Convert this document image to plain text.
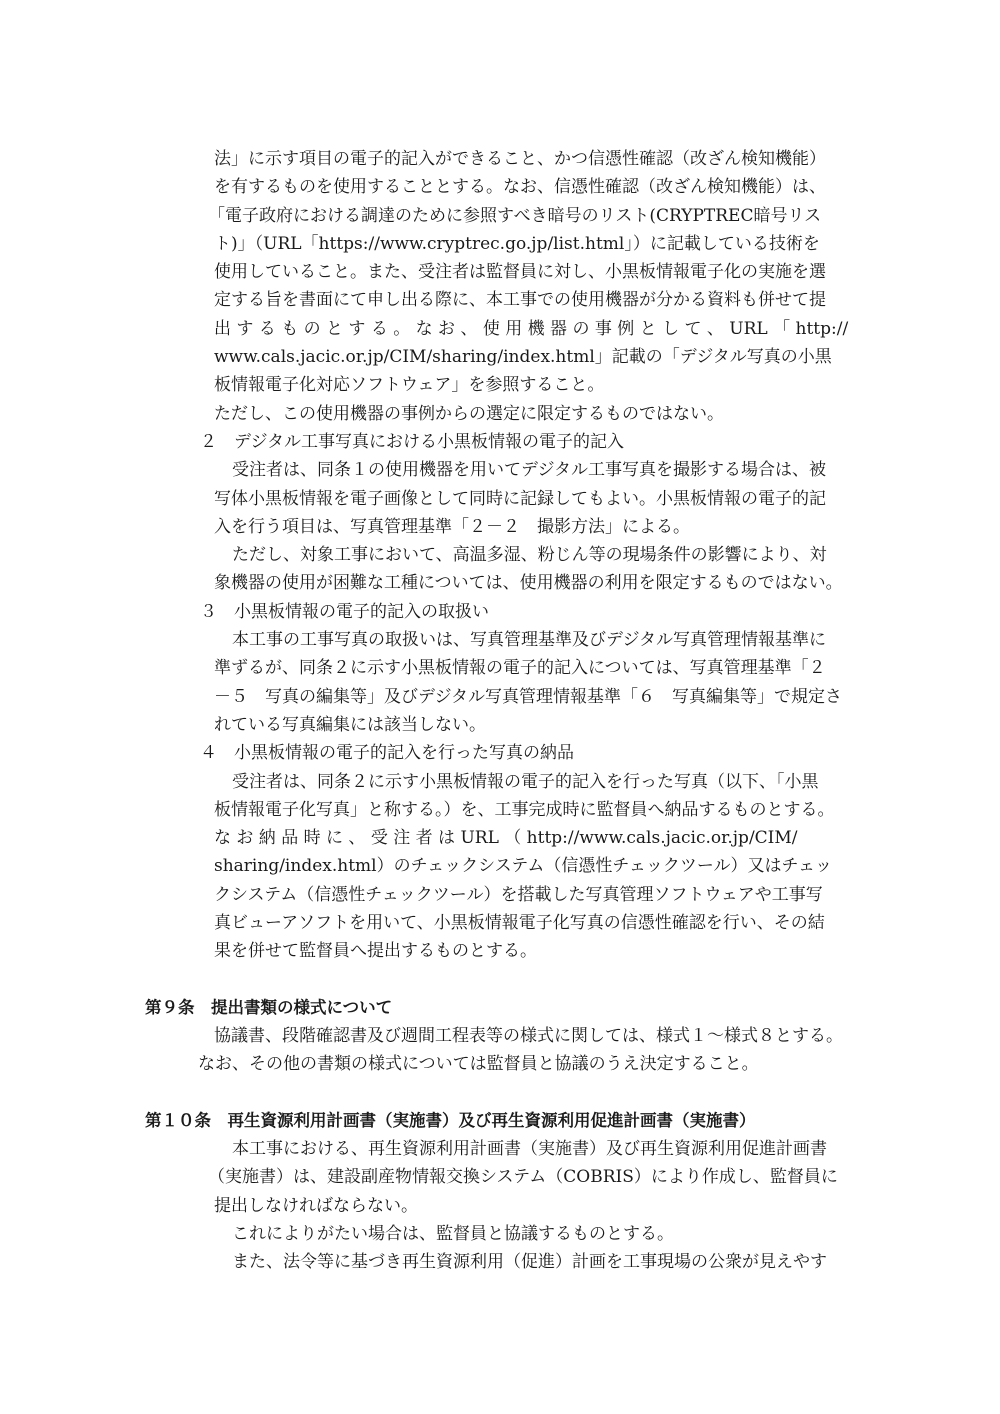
法」に示す項目の電子的記入ができること、かつ信憑性確認（改ざん検知機能）
を有するものを使用することとする。なお、信憑性確認（改ざん検知機能）は、
「電子政府における調達のために参照すべき暗号のリスト(CRYPTREC暗号リス
ト)」（URL「https://www.cryptrec.go.jp/list.html」）に記載している技術を
使用していること。また、受注者は監督員に対し、小黒板情報電子化の実施を選
定する旨を書面にて申し出る際に、本工事での使用機器が分かる資料も併せて提
出 す る も の と す る 。 な お 、 使 用 機 器 の 事 例 と し て 、 URL 「 http://
www.cals.jacic.or.jp/CIM/sharing/index.html」記載の「デジタル写真の小黒
板情報電子化対応ソフトウェア」を参照すること。
ただし、この使用機器の事例からの選定に限定するものではない。
２　デジタル工事写真における小黒板情報の電子的記入
受注者は、同条１の使用機器を用いてデジタル工事写真を撮影する場合は、被
写体小黒板情報を電子画像として同時に記録してもよい。小黒板情報の電子的記
入を行う項目は、写真管理基準「２－２　撮影方法」による。
ただし、対象工事において、高温多湿、粉じん等の現場条件の影響により、対
象機器の使用が困難な工種については、使用機器の利用を限定するものではない。
３　小黒板情報の電子的記入の取扱い
本工事の工事写真の取扱いは、写真管理基準及びデジタル写真管理情報基準に
準ずるが、同条２に示す小黒板情報の電子的記入については、写真管理基準「２
－５　写真の編集等」及びデジタル写真管理情報基準「６　写真編集等」で規定さ
れている写真編集には該当しない。
４　小黒板情報の電子的記入を行った写真の納品
受注者は、同条２に示す小黒板情報の電子的記入を行った写真（以下、「小黒
板情報電子化写真」と称する。）を、工事完成時に監督員へ納品するものとする。
な お 納 品 時 に 、 受 注 者 は URL （ http://www.cals.jacic.or.jp/CIM/
sharing/index.html）のチェックシステム（信憑性チェックツール）又はチェッ
クシステム（信憑性チェックツール）を搭載した写真管理ソフトウェアや工事写
真ビューアソフトを用いて、小黒板情報電子化写真の信憑性確認を行い、その結
果を併せて監督員へ提出するものとする。
第９条　提出書類の様式について
協議書、段階確認書及び週間工程表等の様式に関しては、様式１～様式８とする。
なお、その他の書類の様式については監督員と協議のうえ決定すること。
第１０条　再生資源利用計画書（実施書）及び再生資源利用促進計画書（実施書）
本工事における、再生資源利用計画書（実施書）及び再生資源利用促進計画書
（実施書）は、建設副産物情報交換システム（COBRIS）により作成し、監督員に
提出しなければならない。
これによりがたい場合は、監督員と協議するものとする。
また、法令等に基づき再生資源利用（促進）計画を工事現場の公衆が見えやす
